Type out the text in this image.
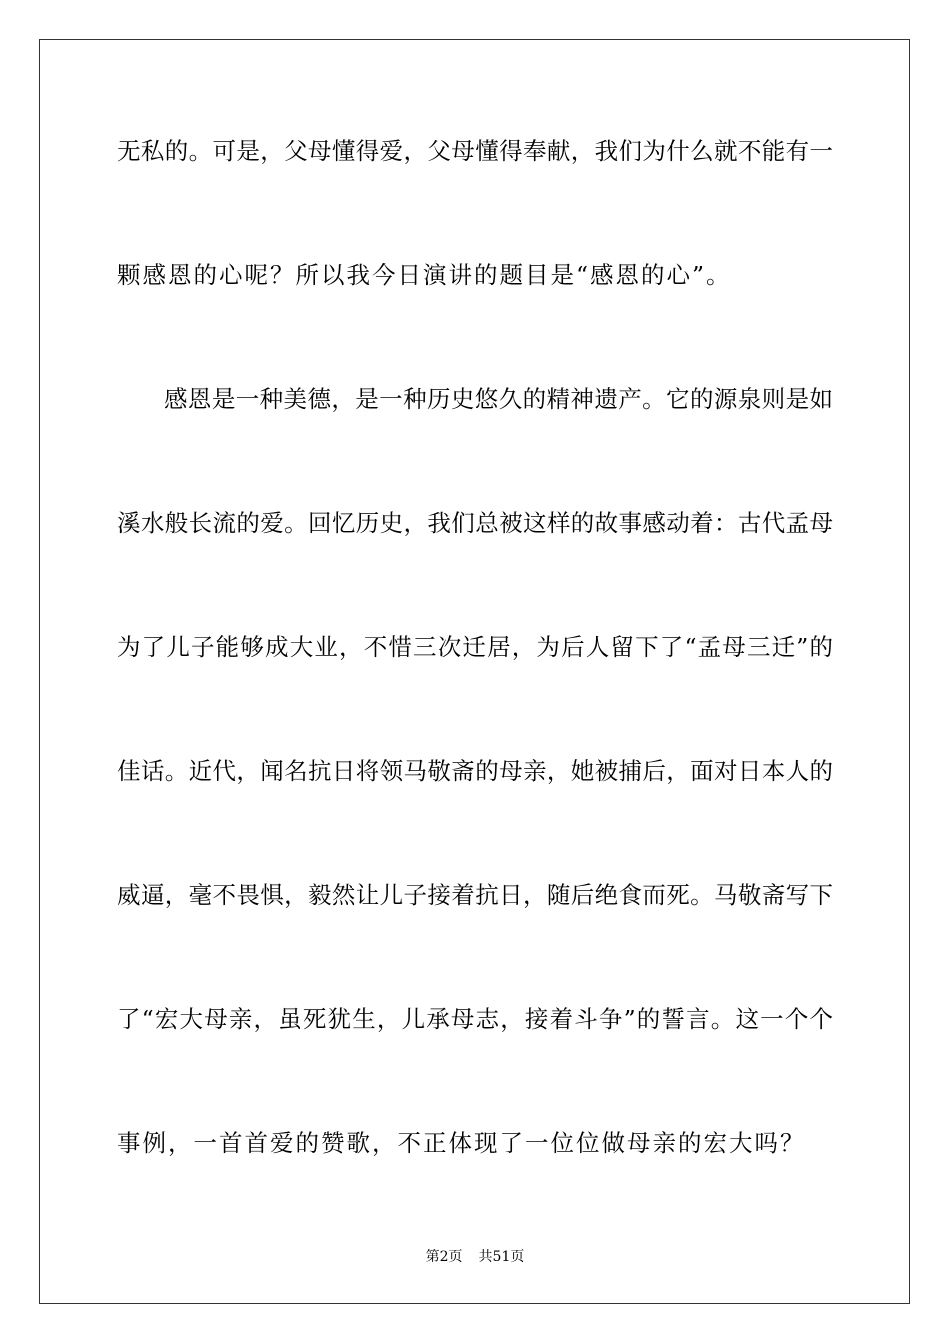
无私的。可是，父母懂得爱，父母懂得奉献，我们为什么就不能有一
颗感恩的心呢？所以我今日演讲的题目是“感恩的心”。
感恩是一种美德，是一种历史悠久的精神遗产。它的源泉则是如
溪水般长流的爱。回忆历史，我们总被这样的故事感动着：古代孟母
为了儿子能够成大业，不惜三次迁居，为后人留下了“孟母三迁”的
佳话。近代，闻名抗日将领马敬斋的母亲，她被捕后，面对日本人的
威逼，毫不畏惧，毅然让儿子接着抗日，随后绝食而死。马敬斋写下
了“宏大母亲，虽死犹生，儿承母志，接着斗争”的誓言。这一个个
事例，一首首爱的赞歌，不正体现了一位位做母亲的宏大吗？
第2页 共51页
